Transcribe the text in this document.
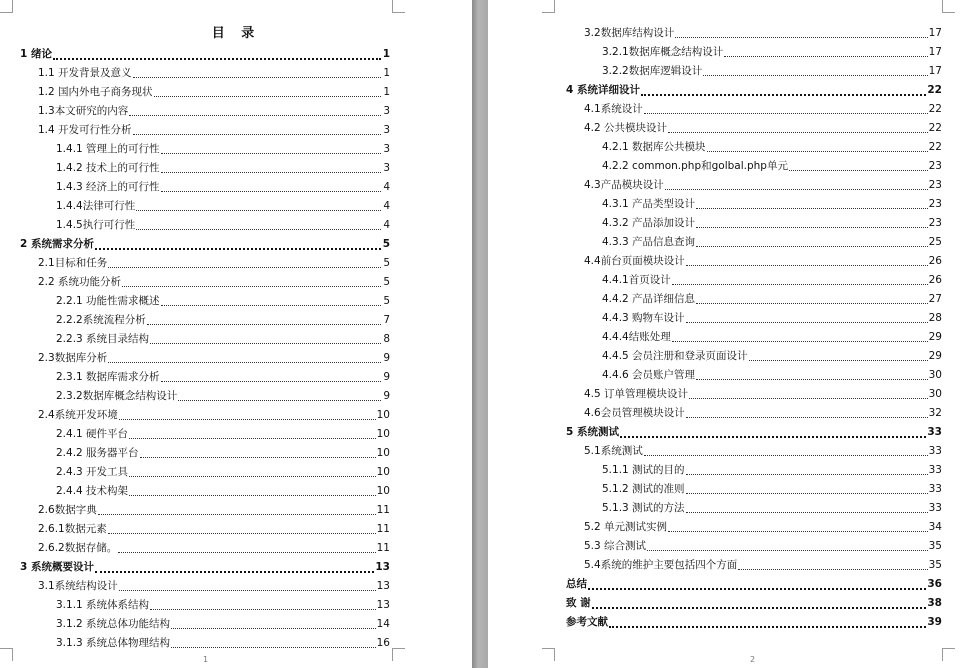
目 录
1 绪论	1
1.1 开发背景及意义	1
1.2 国内外电子商务现状	1
1.3本文研究的内容	3
1.4 开发可行性分析	3
1.4.1 管理上的可行性	3
1.4.2 技术上的可行性	3
1.4.3 经济上的可行性	4
1.4.4法律可行性	4
1.4.5执行可行性	4
2 系统需求分析	5
2.1目标和任务	5
2.2 系统功能分析	5
2.2.1 功能性需求概述	5
2.2.2系统流程分析	7
2.2.3 系统目录结构	8
2.3数据库分析	9
2.3.1 数据库需求分析	9
2.3.2数据库概念结构设计	9
2.4系统开发环境	10
2.4.1 硬件平台	10
2.4.2 服务器平台	10
2.4.3 开发工具	10
2.4.4 技术构架	10
2.6数据字典	11
2.6.1数据元素	11
2.6.2数据存储。	11
3 系统概要设计	13
3.1系统结构设计	13
3.1.1 系统体系结构	13
3.1.2 系统总体功能结构	14
3.1.3 系统总体物理结构	16
1
3.2数据库结构设计	17
3.2.1数据库概念结构设计	17
3.2.2数据库逻辑设计	17
4 系统详细设计	22
4.1系统设计	22
4.2 公共模块设计	22
4.2.1 数据库公共模块	22
4.2.2 common.php和golbal.php单元	23
4.3产品模块设计	23
4.3.1 产品类型设计	23
4.3.2 产品添加设计	23
4.3.3 产品信息查询	25
4.4前台页面模块设计	26
4.4.1首页设计	26
4.4.2 产品详细信息	27
4.4.3 购物车设计	28
4.4.4结账处理	29
4.4.5 会员注册和登录页面设计	29
4.4.6 会员账户管理	30
4.5 订单管理模块设计	30
4.6会员管理模块设计	32
5 系统测试	33
5.1系统测试	33
5.1.1 测试的目的	33
5.1.2 测试的准则	33
5.1.3 测试的方法	33
5.2 单元测试实例	34
5.3 综合测试	35
5.4系统的维护主要包括四个方面	35
总结	36
致 谢	38
参考文献	39
2
